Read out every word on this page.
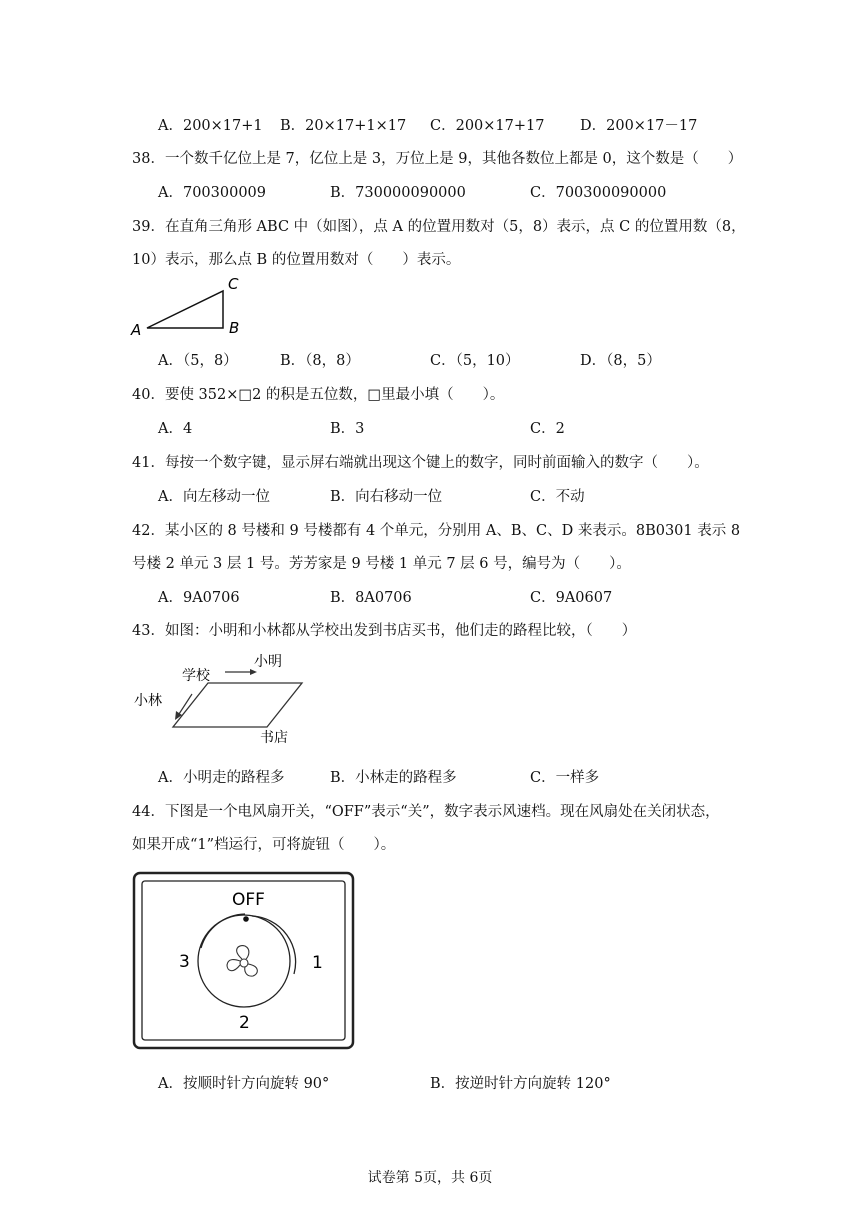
A．200×17+1 B．20×17+1×17 C．200×17+17 D．200×17－17
38．一个数千亿位上是 7，亿位上是 3，万位上是 9，其他各数位上都是 0，这个数是（　　）
A．700300009	B．730000090000	C．700300090000
39．在直角三角形 ABC 中（如图），点 A 的位置用数对（5，8）表示，点 C 的位置用数（8，
10）表示，那么点 B 的位置用数对（　　）表示。
A	B
C
A．（5，8）	B．（8，8）	C．（5，10）	D．（8，5）
40．要使 352×□2 的积是五位数，□里最小填（　　）。
A．4	B．3	C．2
41．每按一个数字键，显示屏右端就出现这个键上的数字，同时前面输入的数字（　　）。
A．向左移动一位	B．向右移动一位	C．不动
42．某小区的 8 号楼和 9 号楼都有 4 个单元，分别用 A、B、C、D 来表示。8B0301 表示 8
号楼 2 单元 3 层 1 号。芳芳家是 9 号楼 1 单元 7 层 6 号，编号为（　　）。
A．9A0706	B．8A0706	C．9A0607
43．如图：小明和小林都从学校出发到书店买书，他们走的路程比较，（　　）
学校
小明
小林
书店
A．小明走的路程多	B．小林走的路程多	C．一样多
44．下图是一个电风扇开关，“OFF”表示“关”，数字表示风速档。现在风扇处在关闭状态，
如果开成“1”档运行，可将旋钮（　　）。
OFF
1
2
3
A．按顺时针方向旋转 90°	B．按逆时针方向旋转 120°
试卷第 5页，共 6页
